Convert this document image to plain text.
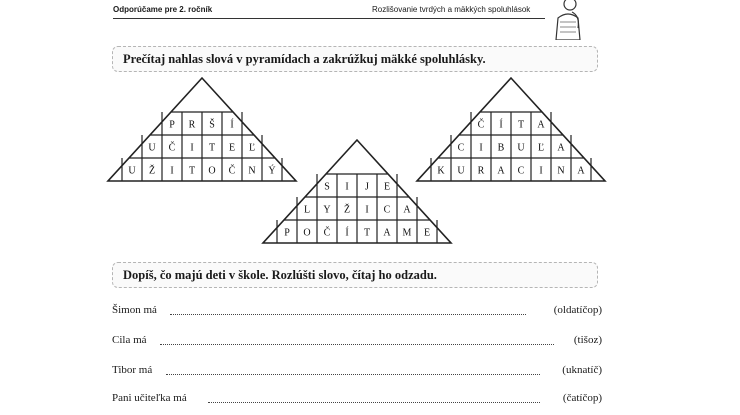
Odporúčame pre 2. ročník	Rozlišovanie tvrdých a mäkkých spoluhlások
Prečítaj nahlas slová v pyramídach a zakrúžkuj mäkké spoluhlásky.
P R Š Í
U Č I T E Ľ
U Ž I T O Č N Ý
S I J E
L Y Ž I C A
P O Č Í T A M E
Č Í T A
C I B U Ľ A
K U R A C I N A
Dopíš, čo majú deti v škole. Rozlúšti slovo, čítaj ho odzadu.
Šimon má	(oldatíčop)
Cila má	(tišoz)
Tibor má	(uknatíč)
Pani učiteľka má	(čatíčop)
